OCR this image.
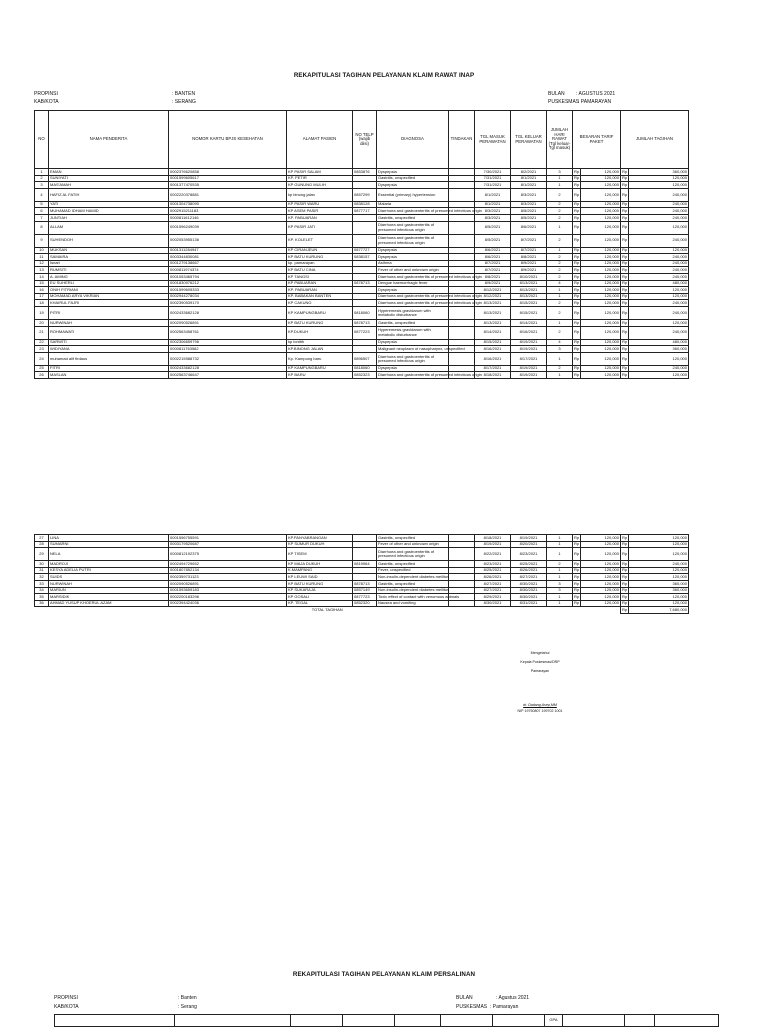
REKAPITULASI TAGIHAN PELAYANAN KLAIM RAWAT INAP
PROPINSI	: BANTEN
KAB/KOTA	: SERANG
BULAN : AGUSTUS 2021
PUSKESMAS
: PAMARAYAN
NO	NAMA PENDERITA	NOMOR KARTU BPJS KESEHATAN	ALAMAT PASIEN	NO TELP (wajib diisi)	DIAGNOSA	TINDAKAN	TGL MASUK PERAWATAN	TGL KELUAR PERAWATAN	JUMLAH HARI RAWAT (Tgl keluar-Tgl masuk)	BESARAN TARIF PAKET		JUMLAH TAGIHAN	
1	EMAN	0002376620858	KP PASIR SALAM	0853876	Dyspepsia		7/30/2021	8/2/2021	3	Rp	120,000	Rp	360,000
2	SUNIYATI	0001599605617	KP. PETIR		Gastritis, unspecified		7/31/2021	8/1/2021	1	Rp	120,000	Rp	120,000
3	MAS'AMAH	0001377470535	KP GUNUNG MULIH		Dyspepsia		7/31/2021	8/1/2021	1	Rp	120,000	Rp	120,000
4	HAFIZ AL FATIH	0002220378881	kp binong jalan	0857299	Essential (primary) hypertension		8/1/2021	8/3/2021	2	Rp	120,000	Rp	240,000
5	YATI	0001304738090	KP PASIR WARU	0838128	Malaria		8/1/2021	8/3/2021	2	Rp	120,000	Rp	240,000
6	MUHAMAD IDHAM HAMID	0002915211183	KP ASEM PASIR	0877717	Diarrhoea and gastroenteritis of presumed infectious origin		8/3/2021	8/5/2021	2	Rp	120,000	Rp	240,000
7	JUNTIAH	0000811612146	KP. PABUARAN		Gastritis, unspecified		8/3/2021	8/5/2021	2	Rp	120,000	Rp	240,000
8	ALLAM	0001596249039	KP PASIR JATI		Diarrhoea and gastroenteritis of presumed infectious origin		8/5/2021	8/6/2021	1	Rp	120,000	Rp	120,000
9	SUHENDOH	0002053955136	KP. KOLELET		Diarrhoea and gastroenteritis of presumed infectious origin		8/5/2021	8/7/2021	2	Rp	120,000	Rp	240,000
10	MUKSAN	0001311284947	KP CIRANJEUN	0877727	Dyspepsia		8/6/2021	8/7/2021	1	Rp	120,000	Rp	120,000
11	SAMAIRA	0003344830081	KP BATU KURUNG	0838157	Dyspepsia		8/6/2021	8/8/2021	2	Rp	120,000	Rp	240,000
12	Isnari	0001279138667	kp. pamarayan		Asthma		8/7/2021	8/9/2021	2	Rp	120,000	Rp	240,000
13	RUMSITI	0000811974374	KP BATU CINA		Fever of other and unknown origin		8/7/2021	8/9/2021	2	Rp	120,000	Rp	240,000
14	A. AMING	0001053465794	KP TANGSI		Diarrhoea and gastroenteritis of presumed infectious origin		8/8/2021	8/10/2021	2	Rp	120,000	Rp	240,000
15	EU SUHERLI	0001830976212	KP PABUARAN	0878713	Dengue haemorrhagic fever		8/9/2021	8/13/2021	4	Rp	120,000	Rp	480,000
16	ONIH FITRIANI	0001599605333	KP. PABUARAN		Dyspepsia		8/12/2021	8/13/2021	1	Rp	120,000	Rp	120,000
17	MOHAMAD ARYA VIKRIAN	0002944278034	KP. BABAKAN BANTEN		Diarrhoea and gastroenteritis of presumed infectious origin		8/12/2021	8/13/2021	1	Rp	120,000	Rp	120,000
18	KHAIRUL FAJRI	0002390539170	KP CAKUNG		Diarrhoea and gastroenteritis of presumed infectious origin		8/13/2021	8/15/2021	2	Rp	120,000	Rp	240,000
19	PITRI	0002433682128	KP KAMPUNGBARU	0818060	Hyperemesis gravidarum with metabolic disturbance		8/13/2021	8/15/2021	2	Rp	120,000	Rp	240,000
20	NURWINAH	0002090526891	KP BATU KURUNG	0878713	Gastritis, unspecified		8/13/2021	8/14/2021	1	Rp	120,000	Rp	120,000
21	ROHMAWATI	0002563458761	KP.DUKUH	0877223	Hyperemesis gravidarum with metabolic disturbance		8/14/2021	8/16/2021	2	Rp	120,000	Rp	240,000
22	SARWITI	0002306659796	kp lontith		Dyspepsia		8/15/2021	8/19/2021	4	Rp	120,000	Rp	480,000
23	WIDIYANA	0000811763582	KP.BINONG JALAN		Malignant neoplasm of nasopharynx, unspecified		8/16/2021	8/19/2021	3	Rp	120,000	Rp	360,000
24	muhamad alif firdaus	0002215988732	Kp. Kampung baru	0896507	Diarrhoea and gastroenteritis of presumed infectious origin		8/16/2021	8/17/2021	1	Rp	120,000	Rp	120,000
25	FITRI	0002433682128	KP KAMPUNGBARU	0818060	Dyspepsia		8/17/2021	8/19/2021	2	Rp	120,000	Rp	240,000
26	MASLAN	0002563746647	KP BARU	0852323	Diarrhoea and gastroenteritis of presumed infectious origin		8/18/2021	8/19/2021	1	Rp	120,000	Rp	120,000
27	LINA	0001596755591	KP.PANYABRANGAN		Gastritis, unspecified		8/18/2021	8/19/2021	1	Rp	120,000	Rp	120,000
28	SUMARNI	0003179520687	KP SUMUR DUKUH		Fever of other and unknown origin		8/19/2021	8/20/2021	1	Rp	120,000	Rp	120,000
29	NELA	0000812192375	KP TISEM		Diarrhoea and gastroenteritis of presumed infectious origin		8/22/2021	8/23/2021	1	Rp	120,000	Rp	120,000
30	MADROJI	0002494729652	KP MAJA DUKUH	0819964	Gastritis, unspecified		8/23/2021	8/25/2021	2	Rp	120,000	Rp	240,000
31	KESYA ADELIA PUTRI	0001807852134	K.MAMPANG		Fever, unspecified		8/25/2021	8/26/2021	1	Rp	120,000	Rp	120,000
32	SUIDS	0002359731123	KP LEUWI SAID		Non-insulin-dependent diabetes mellitus		8/26/2021	8/27/2021	1	Rp	120,000	Rp	120,000
33	NURWINAH	0002090526891	KP BATU KURUNG	0878713	Gastritis, unspecified		8/27/2021	8/30/2021	3	Rp	120,000	Rp	360,000
34	MARIUN	0001593659183	KP SUKARAJA	0857149	Non-insulin-dependent diabetes mellitus		8/27/2021	8/30/2021	3	Rp	120,000	Rp	360,000
35	MARSIDIK	0002200183296	KP GOSALI	0877723	Toxic effect of contact with venomous animals		8/29/2021	8/30/2021	1	Rp	120,000	Rp	120,000
36	AHMAD YUSUP KHOERUL AZAM	0002394424036	KP. TEGAL	0852320	Nausea and vomiting		8/30/2021	8/31/2021	1	Rp	120,000	Rp	120,000
TOTAL TAGIHAN												Rp	7,680,000
Mengetahui
Kepala Puskesmas/DRP
Pamarayan
dr. Dadang Asep,MM
NIP 19750807 199702 1001
REKAPITULASI TAGIHAN PELAYANAN KLAIM PERSALINAN
PROPINSI	: Banten
KAB/KOTA	: Serang
BULAN	: Agustus 2021
PUSKESMAS : Pamarayan
							GPA			
